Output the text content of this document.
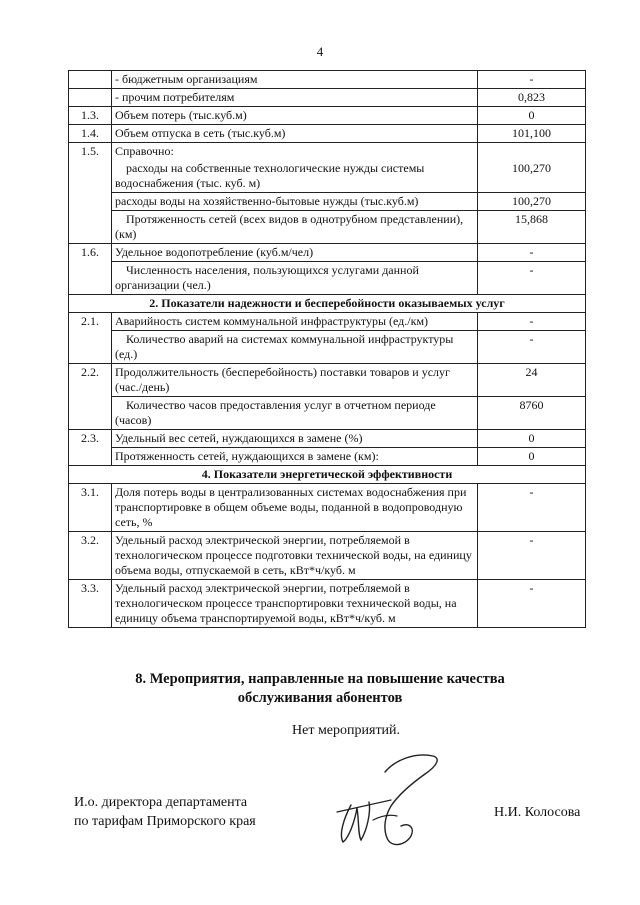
4
	- бюджетным организациям	-
	- прочим потребителям	0,823
1.3.	Объем потерь (тыс.куб.м)	0
1.4.	Объем отпуска в сеть (тыс.куб.м)	101,100
1.5.	Справочно:	
	расходы на собственные технологические нужды системы водоснабжения (тыс. куб. м)	100,270
	расходы воды на хозяйственно-бытовые нужды (тыс.куб.м)	100,270
	Протяженность сетей (всех видов в однотрубном представлении), (км)	15,868
1.6.	Удельное водопотребление (куб.м/чел)	-
	Численность населения, пользующихся услугами данной организации (чел.)	-
2. Показатели надежности и бесперебойности оказываемых услуг		
2.1.	Аварийность систем коммунальной инфраструктуры (ед./км)	-
	Количество аварий на системах коммунальной инфраструктуры (ед.)	-
2.2.	Продолжительность (бесперебойность) поставки товаров и услуг (час./день)	24
	Количество часов предоставления услуг в отчетном периоде (часов)	8760
2.3.	Удельный вес сетей, нуждающихся в замене (%)	0
	Протяженность сетей, нуждающихся в замене (км):	0
4. Показатели энергетической эффективности		
3.1.	Доля потерь воды в централизованных системах водоснабжения при транспортировке в общем объеме воды, поданной в водопроводную сеть, %	-
3.2.	Удельный расход электрической энергии, потребляемой в технологическом процессе подготовки технической воды, на единицу объема воды, отпускаемой в сеть, кВт*ч/куб. м	-
3.3.	Удельный расход электрической энергии, потребляемой в технологическом процессе транспортировки технической воды, на единицу объема транспортируемой воды, кВт*ч/куб. м	-
8. Мероприятия, направленные на повышение качества
обслуживания абонентов
Нет мероприятий.
И.о. директора департамента
по тарифам Приморского края
Н.И. Колосова
